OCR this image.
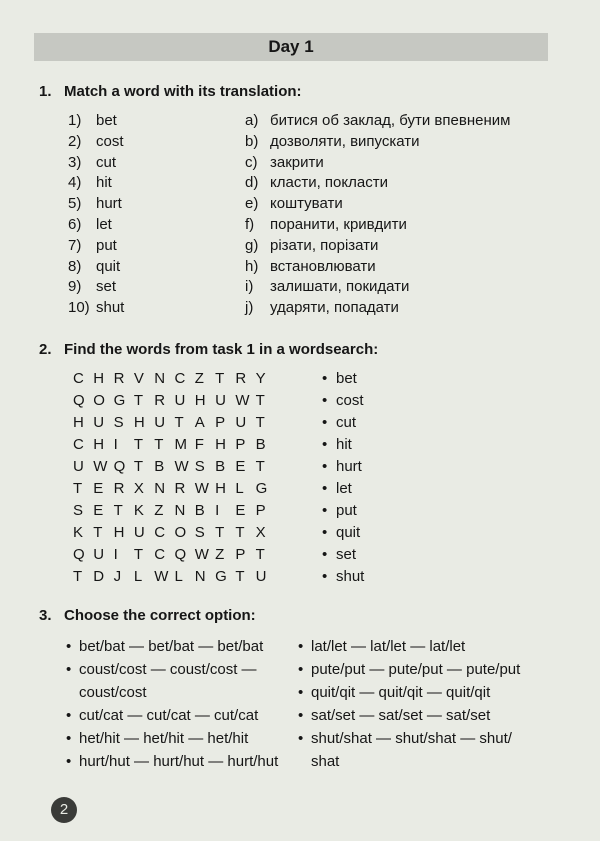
Day 1
1. Match a word with its translation:
1) bet
2) cost
3) cut
4) hit
5) hurt
6) let
7) put
8) quit
9) set
10) shut
a) битися об заклад, бути впевненим
b) дозволяти, випускати
c) закрити
d) класти, покласти
e) коштувати
f) поранити, кривдити
g) різати, порізати
h) встановлювати
i) залишати, покидати
j) ударяти, попадати
2. Find the words from task 1 in a wordsearch:
C H R V N C Z T R Y
Q O G T R U H U W T
H U S H U T A P U T
C H I T T M F H P B
U W Q T B W S B E T
T E R X N R W H L G
S E T K Z N B I E P
K T H U C O S T T X
Q U I T C Q W Z P T
T D J L W L N G T U
• bet
• cost
• cut
• hit
• hurt
• let
• put
• quit
• set
• shut
3. Choose the correct option:
• bet/bat — bet/bat — bet/bat
• coust/cost — coust/cost —
coust/cost
• cut/cat — cut/cat — cut/cat
• het/hit — het/hit — het/hit
• hurt/hut — hurt/hut — hurt/hut
• lat/let — lat/let — lat/let
• pute/put — pute/put — pute/put
• quit/qit — quit/qit — quit/qit
• sat/set — sat/set — sat/set
• shut/shat — shut/shat — shut/
shat
2
